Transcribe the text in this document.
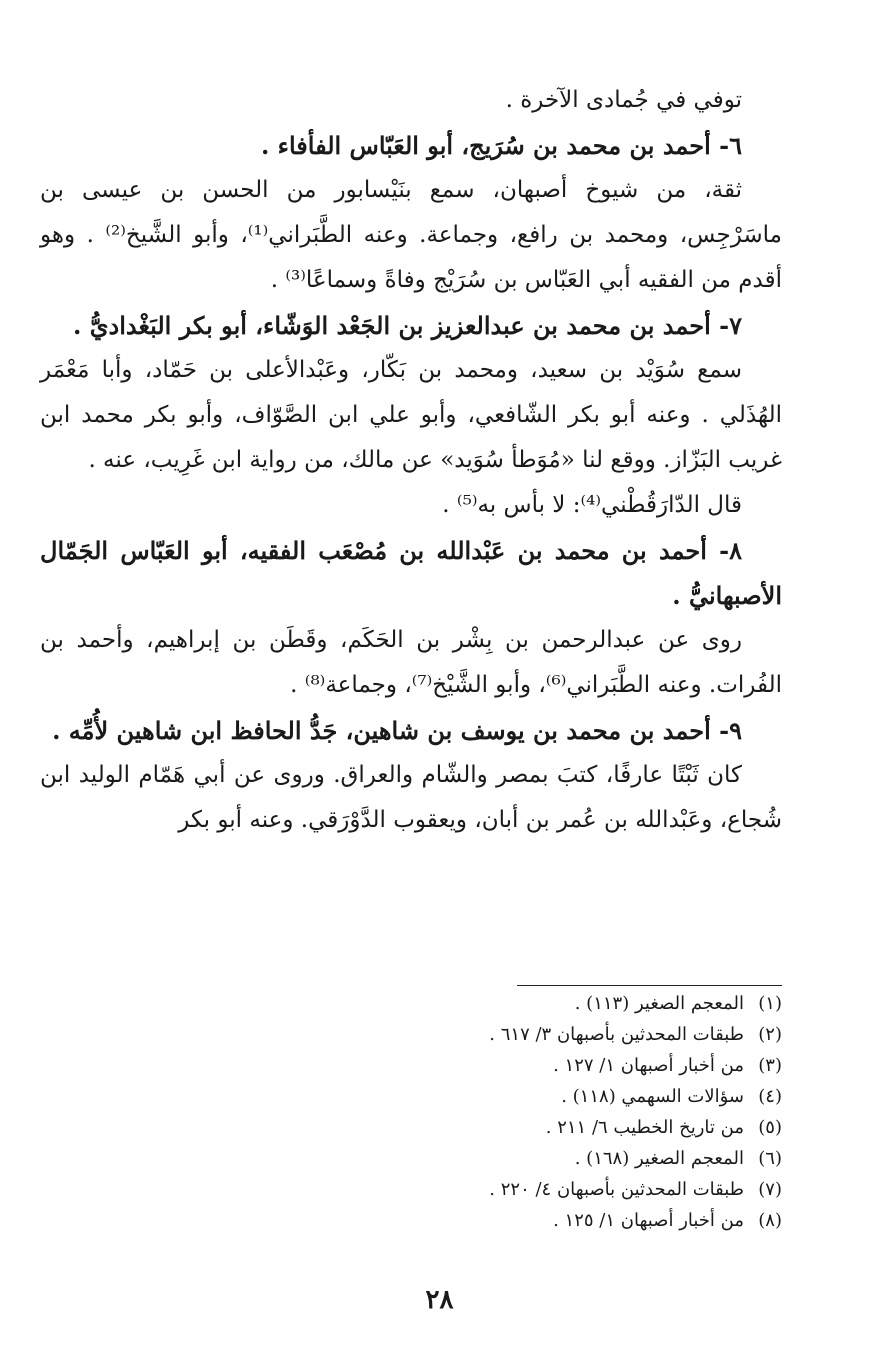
توفي في جُمادى الآخرة .

٦- أحمد بن محمد بن سُرَيج، أبو العَبّاس الفأفاء .

ثقة، من شيوخ أصبهان، سمع بنَيْسابور من الحسن بن عيسى بن ماسَرْجِس، ومحمد بن رافع، وجماعة. وعنه الطَّبَراني⁽¹⁾، وأبو الشَّيخ⁽²⁾ . وهو أقدم من الفقيه أبي العَبّاس بن سُرَيْج وفاةً وسماعًا⁽³⁾ .

٧- أحمد بن محمد بن عبدالعزيز بن الجَعْد الوَشّاء، أبو بكر البَغْداديُّ .

سمع سُوَيْد بن سعيد، ومحمد بن بَكّار، وعَبْدالأعلى بن حَمّاد، وأبا مَعْمَر الهُذَلي . وعنه أبو بكر الشّافعي، وأبو علي ابن الصَّوّاف، وأبو بكر محمد ابن غريب البَزّاز. ووقع لنا «مُوَطأ سُوَيد» عن مالك، من رواية ابن غَرِيب، عنه .

قال الدّارَقُطْني⁽⁴⁾: لا بأس به⁽⁵⁾ .

٨- أحمد بن محمد بن عَبْدالله بن مُصْعَب الفقيه، أبو العَبّاس الجَمّال الأصبهانيُّ .

روى عن عبدالرحمن بن بِشْر بن الحَكَم، وقَطَن بن إبراهيم، وأحمد بن الفُرات. وعنه الطَّبَراني⁽⁶⁾، وأبو الشَّيْخ⁽⁷⁾، وجماعة⁽⁸⁾ .

٩- أحمد بن محمد بن يوسف بن شاهين، جَدُّ الحافظ ابن شاهين لأُمِّه .

كان ثَبْتًا عارفًا، كتبَ بمصر والشّام والعراق. وروى عن أبي هَمّام الوليد ابن شُجاع، وعَبْدالله بن عُمر بن أبان، ويعقوب الدَّوْرَقي. وعنه أبو بكر

(١)المعجم الصغير (١١٣) .

(٢)طبقات المحدثين بأصبهان ٣/ ٦١٧ .

(٣)من أخبار أصبهان ١/ ١٢٧ .

(٤)سؤالات السهمي (١١٨) .

(٥)من تاريخ الخطيب ٦/ ٢١١ .

(٦)المعجم الصغير (١٦٨) .

(٧)طبقات المحدثين بأصبهان ٤/ ٢٢٠ .

(٨)من أخبار أصبهان ١/ ١٢٥ .

٢٨
